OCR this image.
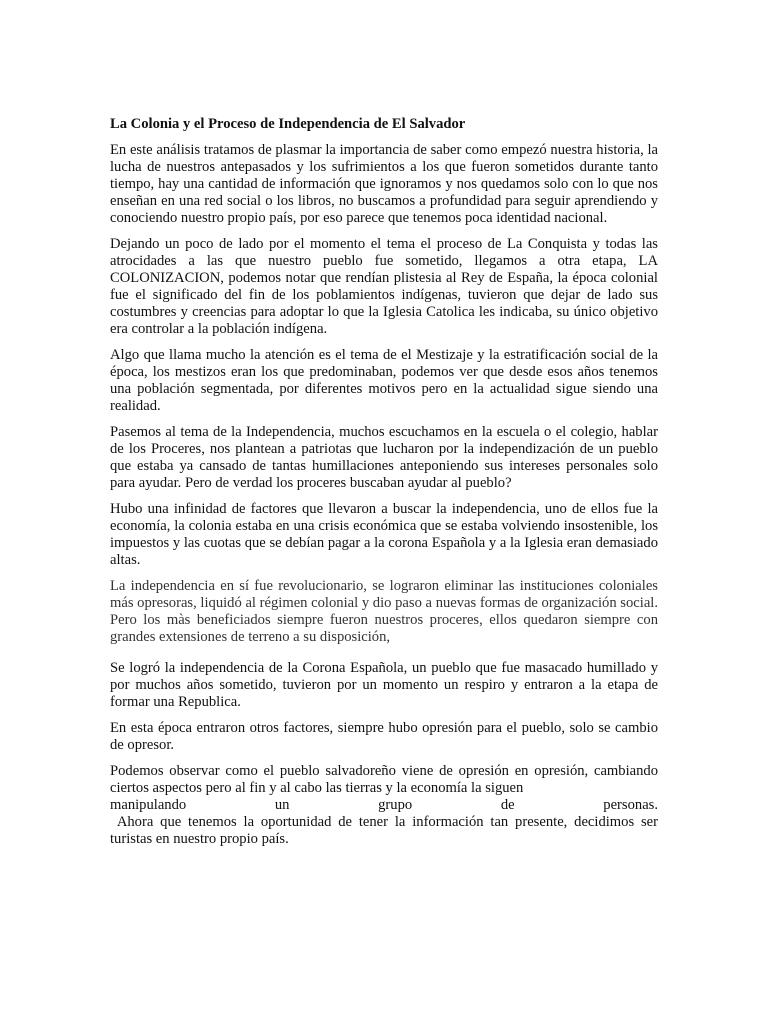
La Colonia y el Proceso de Independencia de El Salvador

En este análisis tratamos de plasmar la importancia de saber como empezó nuestra historia, la lucha de nuestros antepasados y los sufrimientos a los que fueron sometidos durante tanto tiempo, hay una cantidad de información que ignoramos y nos quedamos solo con lo que nos enseñan en una red social o los libros, no buscamos a profundidad para seguir aprendiendo y conociendo nuestro propio país, por eso parece que tenemos poca identidad nacional.

Dejando un poco de lado por el momento el tema el proceso de La Conquista y todas las atrocidades a las que nuestro pueblo fue sometido, llegamos a otra etapa, LA COLONIZACION, podemos notar que rendían plistesia al Rey de España, la época colonial fue el significado del fin de los poblamientos indígenas, tuvieron que dejar de lado sus costumbres y creencias para adoptar lo que la Iglesia Catolica les indicaba, su único objetivo era controlar a la población indígena.

Algo que llama mucho la atención es el tema de el Mestizaje y la estratificación social de la época, los mestizos eran los que predominaban, podemos ver que desde esos años tenemos una población segmentada, por diferentes motivos pero en la actualidad sigue siendo una realidad.

Pasemos al tema de la Independencia, muchos escuchamos en la escuela o el colegio, hablar de los Proceres, nos plantean a patriotas que lucharon por la independización de un pueblo que estaba ya cansado de tantas humillaciones anteponiendo sus intereses personales solo para ayudar. Pero de verdad los proceres buscaban ayudar al pueblo?

Hubo una infinidad de factores que llevaron a buscar la independencia, uno de ellos fue la economía, la colonia estaba en una crisis económica que se estaba volviendo insostenible, los impuestos y las cuotas que se debían pagar a la corona Española y a la Iglesia eran demasiado altas.

La independencia en sí fue revolucionario, se lograron eliminar las instituciones coloniales más opresoras, liquidó al régimen colonial y dio paso a nuevas formas de organización social. Pero los màs beneficiados siempre fueron nuestros proceres, ellos quedaron siempre con grandes extensiones de terreno a su disposición,

Se logró la independencia de la Corona Española, un pueblo que fue masacado humillado y por muchos años sometido, tuvieron por un momento un respiro y entraron a la etapa de formar una Republica.

En esta época entraron otros factores, siempre hubo opresión para el pueblo, solo se cambio de opresor.

Podemos observar como el pueblo salvadoreño viene de opresión en opresión, cambiando ciertos aspectos pero al fin y al cabo las tierras y la economía la siguen
manipulando un grupo de personas.
Ahora que tenemos la oportunidad de tener la información tan presente, decidimos ser turistas en nuestro propio país.
